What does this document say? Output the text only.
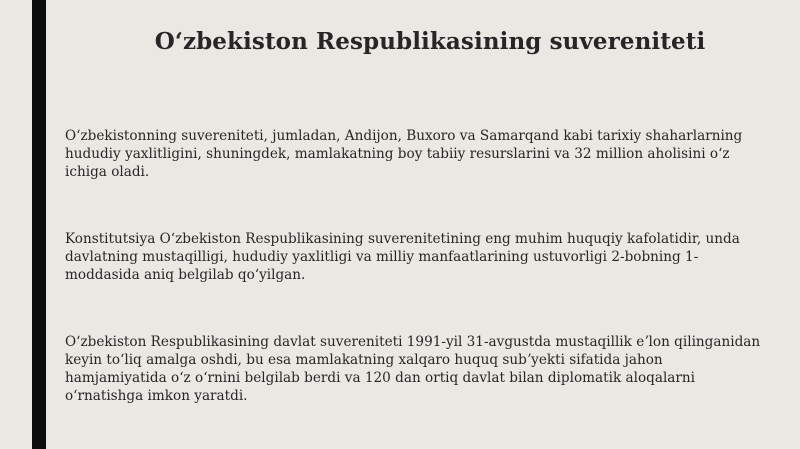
Oʻzbekiston Respublikasining suvereniteti
Oʻzbekistonning suvereniteti, jumladan, Andijon, Buxoro va Samarqand kabi tarixiy shaharlarning hududiy yaxlitligini, shuningdek, mamlakatning boy tabiiy resurslarini va 32 million aholisini oʻz ichiga oladi.
Konstitutsiya Oʻzbekiston Respublikasining suverenitetining eng muhim huquqiy kafolatidir, unda davlatning mustaqilligi, hududiy yaxlitligi va milliy manfaatlarining ustuvorligi 2-bobning 1-moddasida aniq belgilab qoʻyilgan.
Oʻzbekiston Respublikasining davlat suvereniteti 1991-yil 31-avgustda mustaqillik eʼlon qilinganidan keyin toʻliq amalga oshdi, bu esa mamlakatning xalqaro huquq subʼyekti sifatida jahon hamjamiyatida oʻz oʻrnini belgilab berdi va 120 dan ortiq davlat bilan diplomatik aloqalarni oʻrnatishga imkon yaratdi.
